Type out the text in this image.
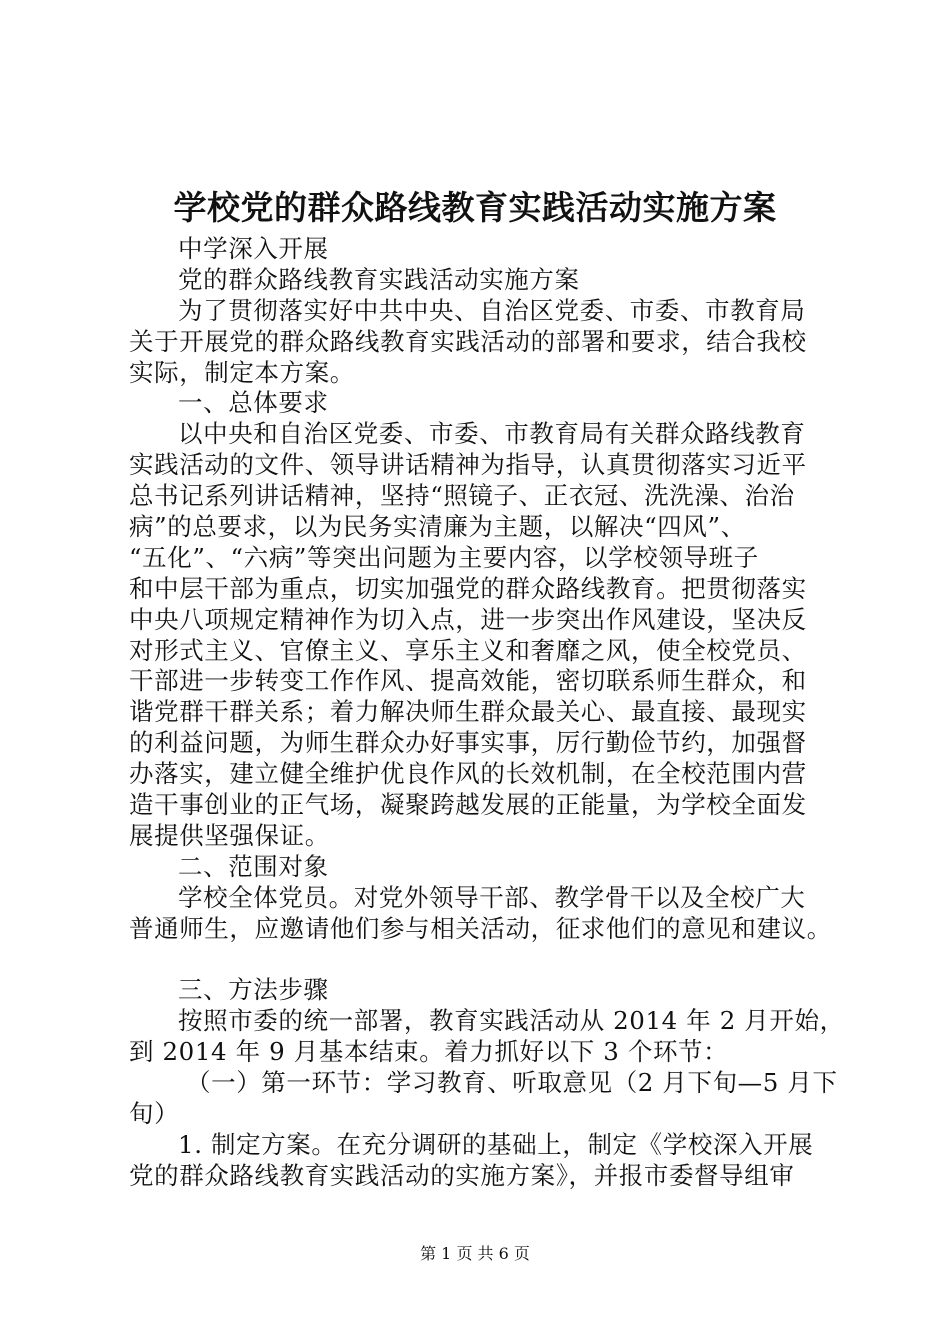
学校党的群众路线教育实践活动实施方案
中学深入开展
党的群众路线教育实践活动实施方案
为了贯彻落实好中共中央、自治区党委、市委、市教育局
关于开展党的群众路线教育实践活动的部署和要求，结合我校
实际，制定本方案。
一、总体要求
以中央和自治区党委、市委、市教育局有关群众路线教育
实践活动的文件、领导讲话精神为指导，认真贯彻落实习近平
总书记系列讲话精神，坚持“照镜子、正衣冠、洗洗澡、治治
病”的总要求，以为民务实清廉为主题，以解决“四风”、
“五化”、“六病”等突出问题为主要内容，以学校领导班子
和中层干部为重点，切实加强党的群众路线教育。把贯彻落实
中央八项规定精神作为切入点，进一步突出作风建设，坚决反
对形式主义、官僚主义、享乐主义和奢靡之风，使全校党员、
干部进一步转变工作作风、提高效能，密切联系师生群众，和
谐党群干群关系；着力解决师生群众最关心、最直接、最现实
的利益问题，为师生群众办好事实事，厉行勤俭节约，加强督
办落实，建立健全维护优良作风的长效机制，在全校范围内营
造干事创业的正气场，凝聚跨越发展的正能量，为学校全面发
展提供坚强保证。
二、范围对象
学校全体党员。对党外领导干部、教学骨干以及全校广大
普通师生，应邀请他们参与相关活动，征求他们的意见和建议。
三、方法步骤
按照市委的统一部署，教育实践活动从 2014 年 2 月开始，
到 2014 年 9 月基本结束。着力抓好以下 3 个环节：
（一）第一环节：学习教育、听取意见（2 月下旬—5 月下
旬）
1. 制定方案。在充分调研的基础上，制定《学校深入开展
党的群众路线教育实践活动的实施方案》，并报市委督导组审
第 1 页 共 6 页
